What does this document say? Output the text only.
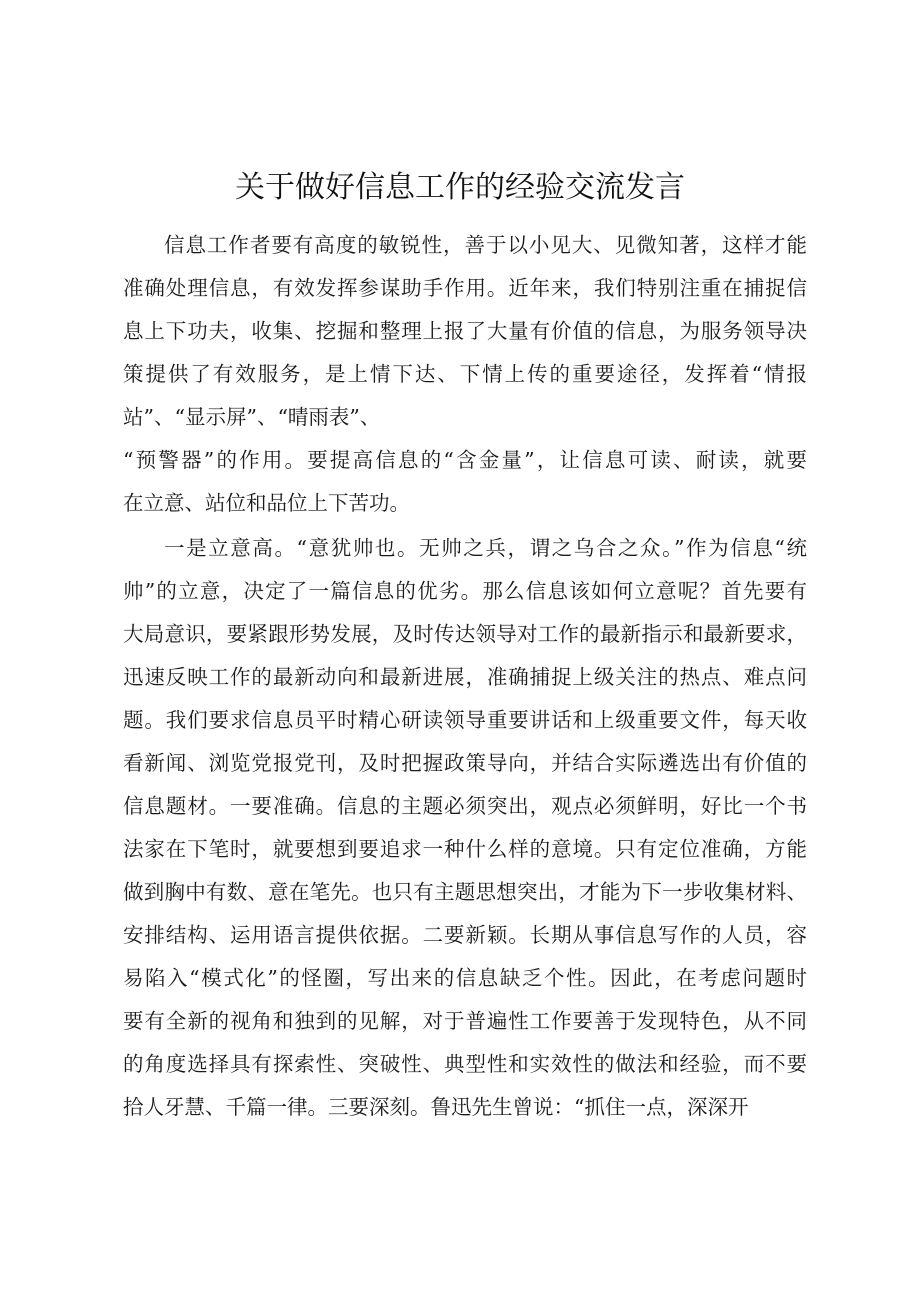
关于做好信息工作的经验交流发言
信息工作者要有高度的敏锐性，善于以小见大、见微知著，这样才能
准确处理信息，有效发挥参谋助手作用。近年来，我们特别注重在捕捉信
息上下功夫，收集、挖掘和整理上报了大量有价值的信息，为服务领导决
策提供了有效服务，是上情下达、下情上传的重要途径，发挥着“情报
站”、“显示屏”、“晴雨表”、
“预警器”的作用。要提高信息的“含金量”，让信息可读、耐读，就要
在立意、站位和品位上下苦功。
一是立意高。“意犹帅也。无帅之兵，谓之乌合之众。”作为信息“统
帅”的立意，决定了一篇信息的优劣。那么信息该如何立意呢？首先要有
大局意识，要紧跟形势发展，及时传达领导对工作的最新指示和最新要求，
迅速反映工作的最新动向和最新进展，准确捕捉上级关注的热点、难点问
题。我们要求信息员平时精心研读领导重要讲话和上级重要文件，每天收
看新闻、浏览党报党刊，及时把握政策导向，并结合实际遴选出有价值的
信息题材。一要准确。信息的主题必须突出，观点必须鲜明，好比一个书
法家在下笔时，就要想到要追求一种什么样的意境。只有定位准确，方能
做到胸中有数、意在笔先。也只有主题思想突出，才能为下一步收集材料、
安排结构、运用语言提供依据。二要新颖。长期从事信息写作的人员，容
易陷入“模式化”的怪圈，写出来的信息缺乏个性。因此，在考虑问题时
要有全新的视角和独到的见解，对于普遍性工作要善于发现特色，从不同
的角度选择具有探索性、突破性、典型性和实效性的做法和经验，而不要
拾人牙慧、千篇一律。三要深刻。鲁迅先生曾说：“抓住一点，深深开
